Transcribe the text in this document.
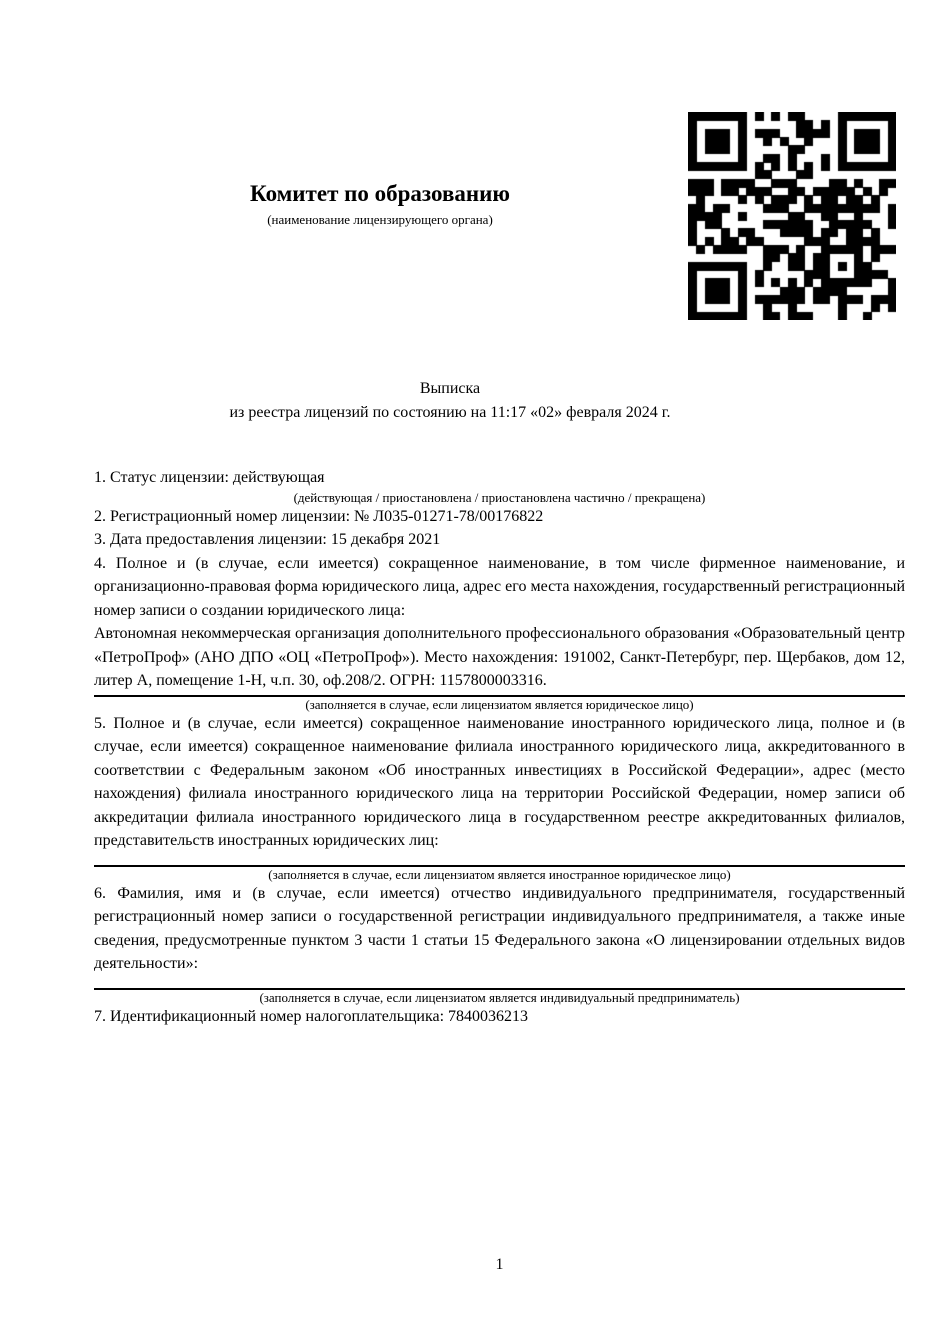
Комитет по образованию
(наименование лицензирующего органа)
Выписка
из реестра лицензий по состоянию на 11:17 «02» февраля 2024 г.

1. Статус лицензии: действующая

(действующая / приостановлена / приостановлена частично / прекращена)

2. Регистрационный номер лицензии: № Л035-01271-78/00176822

3. Дата предоставления лицензии: 15 декабря 2021

4. Полное и (в случае, если имеется) сокращенное наименование, в том числе фирменное наименование, и организационно-правовая форма юридического лица, адрес его места нахождения, государственный регистрационный номер записи о создании юридического лица:

Автономная некоммерческая организация дополнительного профессионального образования «Образовательный центр «ПетроПроф» (АНО ДПО «ОЦ «ПетроПроф»). Место нахождения: 191002, Санкт-Петербург, пер. Щербаков, дом 12, литер А, помещение 1-Н, ч.п. 30, оф.208/2. ОГРН: 1157800003316.

(заполняется в случае, если лицензиатом является юридическое лицо)

5. Полное и (в случае, если имеется) сокращенное наименование иностранного юридического лица, полное и (в случае, если имеется) сокращенное наименование филиала иностранного юридического лица, аккредитованного в соответствии с Федеральным законом «Об иностранных инвестициях в Российской Федерации», адрес (место нахождения) филиала иностранного юридического лица на территории Российской Федерации, номер записи об аккредитации филиала иностранного юридического лица в государственном реестре аккредитованных филиалов, представительств иностранных юридических лиц:

(заполняется в случае, если лицензиатом является иностранное юридическое лицо)

6. Фамилия, имя и (в случае, если имеется) отчество индивидуального предпринимателя, государственный регистрационный номер записи о государственной регистрации индивидуального предпринимателя, а также иные сведения, предусмотренные пунктом 3 части 1 статьи 15 Федерального закона «О лицензировании отдельных видов деятельности»:

(заполняется в случае, если лицензиатом является индивидуальный предприниматель)

7. Идентификационный номер налогоплательщика: 7840036213

1
